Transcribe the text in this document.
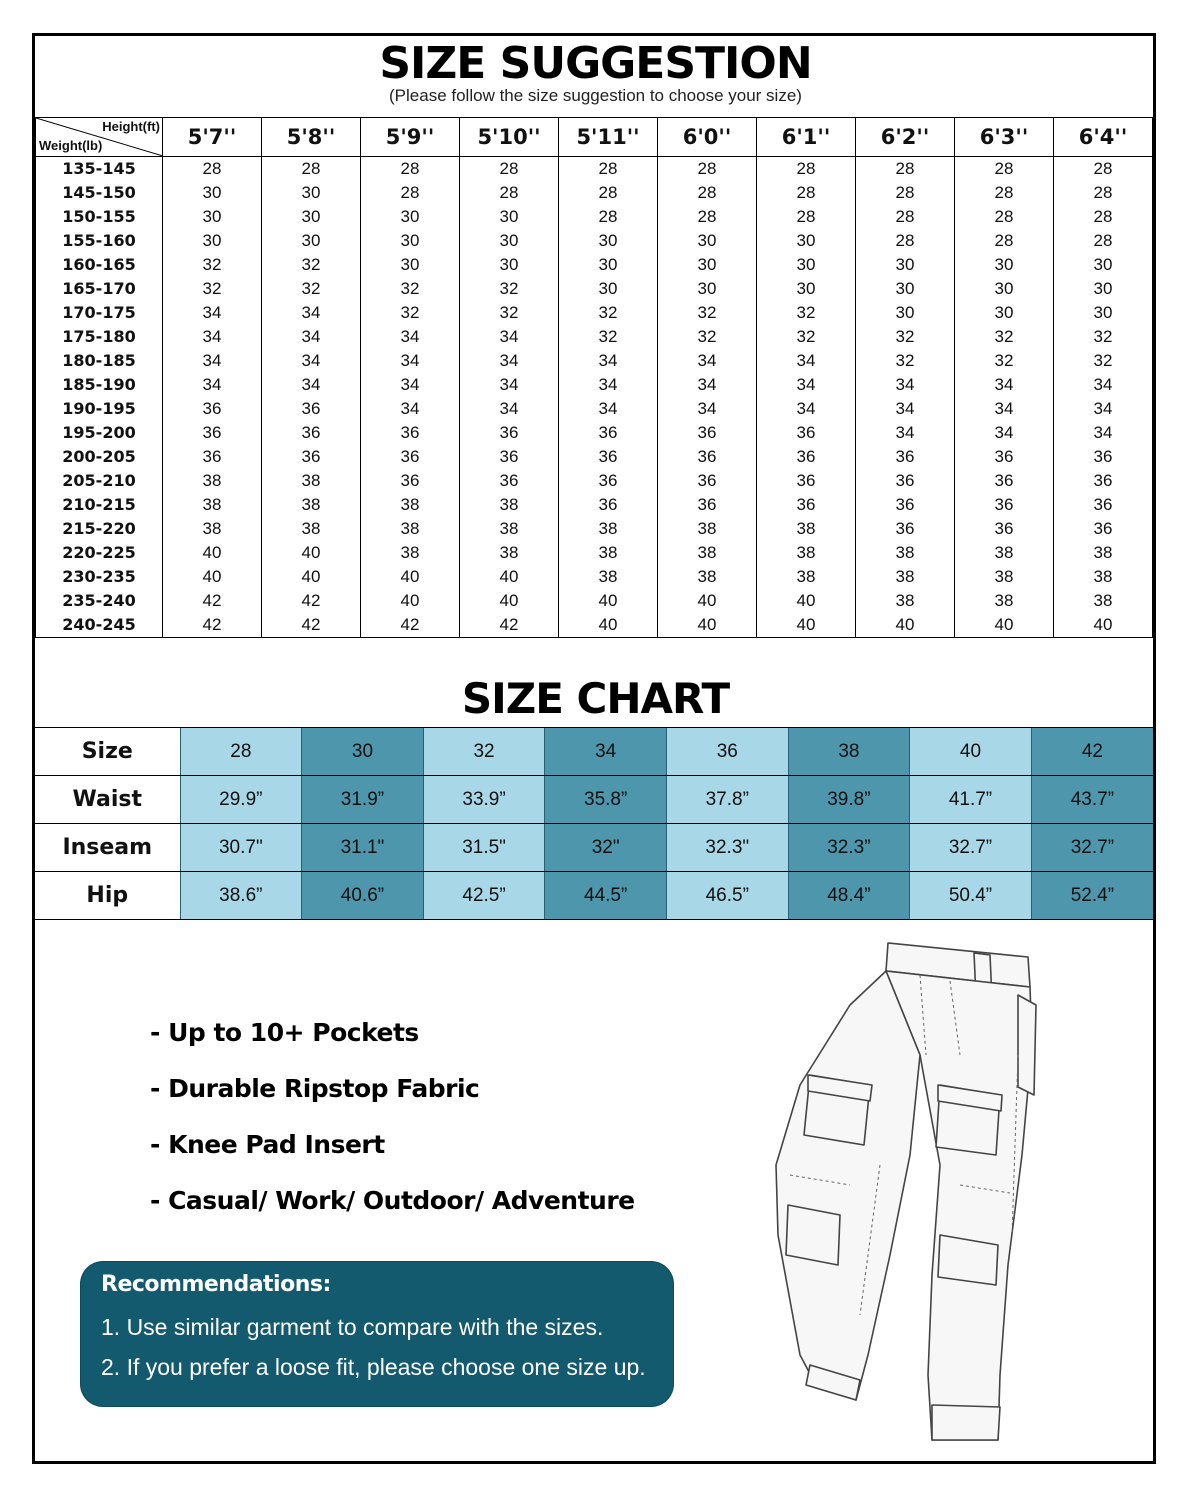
SIZE SUGGESTION
(Please follow the size suggestion to choose your size)
Height(ft)
Weight(lb)	5'7''	5'8''	5'9''	5'10''	5'11''	6'0''	6'1''	6'2''	6'3''	6'4''
135-145	28	28	28	28	28	28	28	28	28	28
145-150	30	30	28	28	28	28	28	28	28	28
150-155	30	30	30	30	28	28	28	28	28	28
155-160	30	30	30	30	30	30	30	28	28	28
160-165	32	32	30	30	30	30	30	30	30	30
165-170	32	32	32	32	30	30	30	30	30	30
170-175	34	34	32	32	32	32	32	30	30	30
175-180	34	34	34	34	32	32	32	32	32	32
180-185	34	34	34	34	34	34	34	32	32	32
185-190	34	34	34	34	34	34	34	34	34	34
190-195	36	36	34	34	34	34	34	34	34	34
195-200	36	36	36	36	36	36	36	34	34	34
200-205	36	36	36	36	36	36	36	36	36	36
205-210	38	38	36	36	36	36	36	36	36	36
210-215	38	38	38	38	36	36	36	36	36	36
215-220	38	38	38	38	38	38	38	36	36	36
220-225	40	40	38	38	38	38	38	38	38	38
230-235	40	40	40	40	38	38	38	38	38	38
235-240	42	42	40	40	40	40	40	38	38	38
240-245	42	42	42	42	40	40	40	40	40	40
SIZE CHART
Size	28	30	32	34	36	38	40	42
Waist	29.9”	31.9”	33.9”	35.8”	37.8”	39.8”	41.7”	43.7”
Inseam	30.7"	31.1"	31.5"	32"	32.3"	32.3”	32.7”	32.7”
Hip	38.6”	40.6”	42.5”	44.5”	46.5”	48.4”	50.4”	52.4”
- Up to 10+ Pockets
- Durable Ripstop Fabric
- Knee Pad Insert
- Casual/ Work/ Outdoor/ Adventure
Recommendations:
1. Use similar garment to compare with the sizes.
2. If you prefer a loose fit, please choose one size up.
